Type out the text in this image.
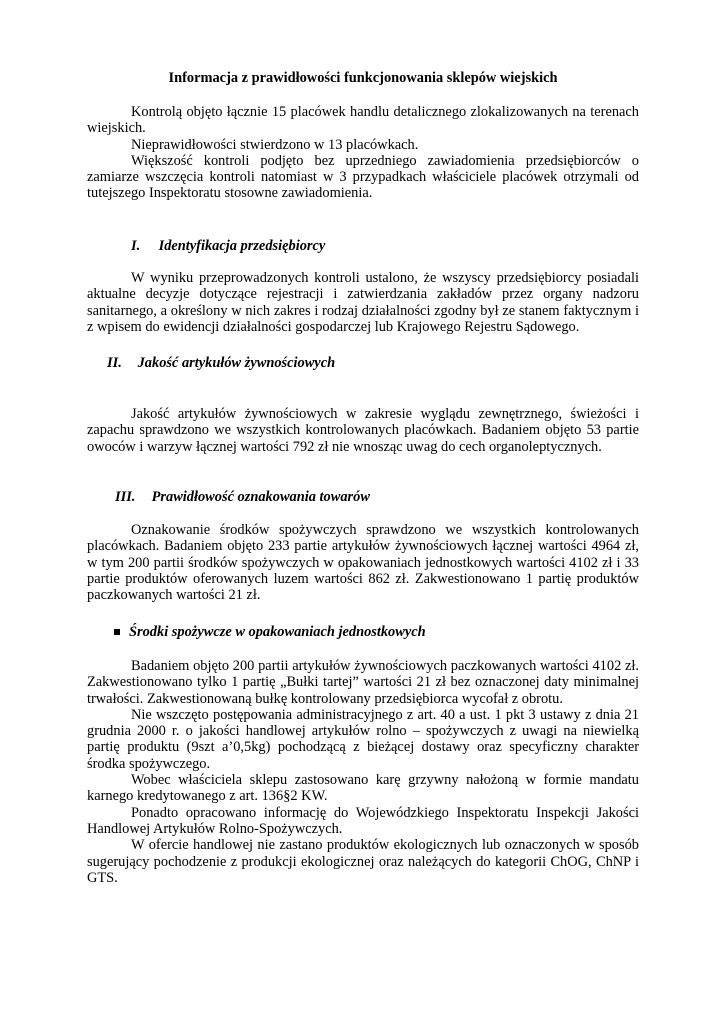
Informacja z prawidłowości funkcjonowania sklepów wiejskich

Kontrolą objęto łącznie 15 placówek handlu detalicznego zlokalizowanych na terenach wiejskich.

Nieprawidłowości stwierdzono w 13 placówkach.

Większość kontroli podjęto bez uprzedniego zawiadomienia przedsiębiorców o zamiarze wszczęcia kontroli natomiast w 3 przypadkach właściciele placówek otrzymali od tutejszego Inspektoratu stosowne zawiadomienia.

I. Identyfikacja przedsiębiorcy

W wyniku przeprowadzonych kontroli ustalono, że wszyscy przedsiębiorcy posiadali aktualne decyzje dotyczące rejestracji i zatwierdzania zakładów przez organy nadzoru sanitarnego, a określony w nich zakres i rodzaj działalności zgodny był ze stanem faktycznym i z wpisem do ewidencji działalności gospodarczej lub Krajowego Rejestru Sądowego.

II. Jakość artykułów żywnościowych

Jakość artykułów żywnościowych w zakresie wyglądu zewnętrznego, świeżości i zapachu sprawdzono we wszystkich kontrolowanych placówkach. Badaniem objęto 53 partie owoców i warzyw łącznej wartości 792 zł nie wnosząc uwag do cech organoleptycznych.

III. Prawidłowość oznakowania towarów

Oznakowanie środków spożywczych sprawdzono we wszystkich kontrolowanych placówkach. Badaniem objęto 233 partie artykułów żywnościowych łącznej wartości 4964 zł, w tym 200 partii środków spożywczych w opakowaniach jednostkowych wartości 4102 zł i 33 partie produktów oferowanych luzem wartości 862 zł. Zakwestionowano 1 partię produktów paczkowanych wartości 21 zł.

Środki spożywcze w opakowaniach jednostkowych

Badaniem objęto 200 partii artykułów żywnościowych paczkowanych wartości 4102 zł. Zakwestionowano tylko 1 partię „Bułki tartej” wartości 21 zł bez oznaczonej daty minimalnej trwałości. Zakwestionowaną bułkę kontrolowany przedsiębiorca wycofał z obrotu.

Nie wszczęto postępowania administracyjnego z art. 40 a ust. 1 pkt 3 ustawy z dnia 21 grudnia 2000 r. o jakości handlowej artykułów rolno – spożywczych z uwagi na niewielką partię produktu (9szt a’0,5kg) pochodzącą z bieżącej dostawy oraz specyficzny charakter środka spożywczego.

Wobec właściciela sklepu zastosowano karę grzywny nałożoną w formie mandatu karnego kredytowanego z art. 136§2 KW.

Ponadto opracowano informację do Wojewódzkiego Inspektoratu Inspekcji Jakości Handlowej Artykułów Rolno-Spożywczych.

W ofercie handlowej nie zastano produktów ekologicznych lub oznaczonych w sposób sugerujący pochodzenie z produkcji ekologicznej oraz należących do kategorii ChOG, ChNP i GTS.
